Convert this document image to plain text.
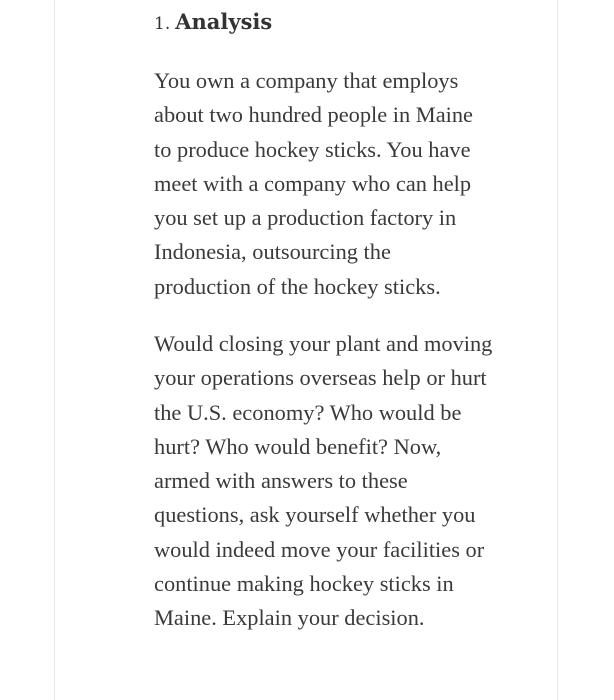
1. Analysis

You own a company that employs
about two hundred people in Maine
to produce hockey sticks. You have
meet with a company who can help
you set up a production factory in
Indonesia, outsourcing the
production of the hockey sticks.

Would closing your plant and moving
your operations overseas help or hurt
the U.S. economy? Who would be
hurt? Who would benefit? Now,
armed with answers to these
questions, ask yourself whether you
would indeed move your facilities or
continue making hockey sticks in
Maine. Explain your decision.
